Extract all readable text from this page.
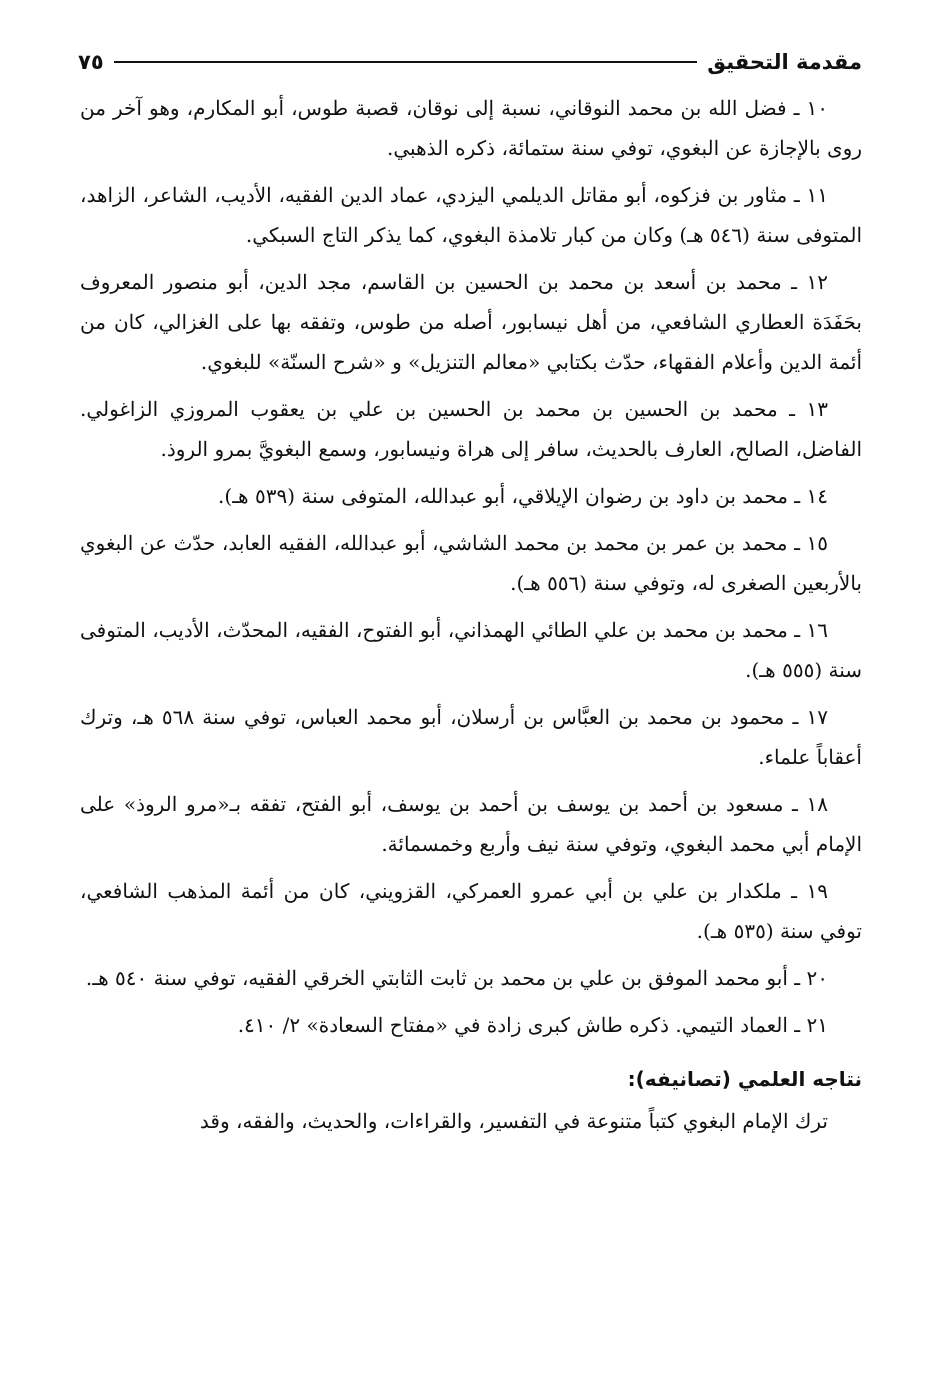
مقدمة التحقيق
٧٥

١٠ ـ فضل الله بن محمد النوقاني، نسبة إلى نوقان، قصبة طوس، أبو المكارم، وهو آخر من روى بالإجازة عن البغوي، توفي سنة ستمائة، ذكره الذهبي.

١١ ـ مثاور بن فزكوه، أبو مقاتل الديلمي اليزدي، عماد الدين الفقيه، الأديب، الشاعر، الزاهد، المتوفى سنة (٥٤٦ هـ) وكان من كبار تلامذة البغوي، كما يذكر التاج السبكي.

١٢ ـ محمد بن أسعد بن محمد بن الحسين بن القاسم، مجد الدين، أبو منصور المعروف بحَفَدَة العطاري الشافعي، من أهل نيسابور، أصله من طوس، وتفقه بها على الغزالي، كان من أئمة الدين وأعلام الفقهاء، حدّث بكتابي «معالم التنزيل» و «شرح السنّة» للبغوي.

١٣ ـ محمد بن الحسين بن محمد بن الحسين بن علي بن يعقوب المروزي الزاغولي. الفاضل، الصالح، العارف بالحديث، سافر إلى هراة ونيسابور، وسمع البغويَّ بمرو الروذ.

١٤ ـ محمد بن داود بن رضوان الإيلاقي، أبو عبدالله، المتوفى سنة (٥٣٩ هـ).

١٥ ـ محمد بن عمر بن محمد بن محمد الشاشي، أبو عبدالله، الفقيه العابد، حدّث عن البغوي بالأربعين الصغرى له، وتوفي سنة (٥٥٦ هـ).

١٦ ـ محمد بن محمد بن علي الطائي الهمذاني، أبو الفتوح، الفقيه، المحدّث، الأديب، المتوفى سنة (٥٥٥ هـ).

١٧ ـ محمود بن محمد بن العبَّاس بن أرسلان، أبو محمد العباس، توفي سنة ٥٦٨ هـ، وترك أعقاباً علماء.

١٨ ـ مسعود بن أحمد بن يوسف بن أحمد بن يوسف، أبو الفتح، تفقه بـ«مرو الروذ» على الإمام أبي محمد البغوي، وتوفي سنة نيف وأربع وخمسمائة.

١٩ ـ ملكدار بن علي بن أبي عمرو العمركي، القزويني، كان من أئمة المذهب الشافعي، توفي سنة (٥٣٥ هـ).

٢٠ ـ أبو محمد الموفق بن علي بن محمد بن ثابت الثابتي الخرقي الفقيه، توفي سنة ٥٤٠ هـ.

٢١ ـ العماد التيمي. ذكره طاش كبرى زادة في «مفتاح السعادة» ٢/ ٤١٠.

نتاجه العلمي (تصانيفه):

ترك الإمام البغوي كتباً متنوعة في التفسير، والقراءات، والحديث، والفقه، وقد
